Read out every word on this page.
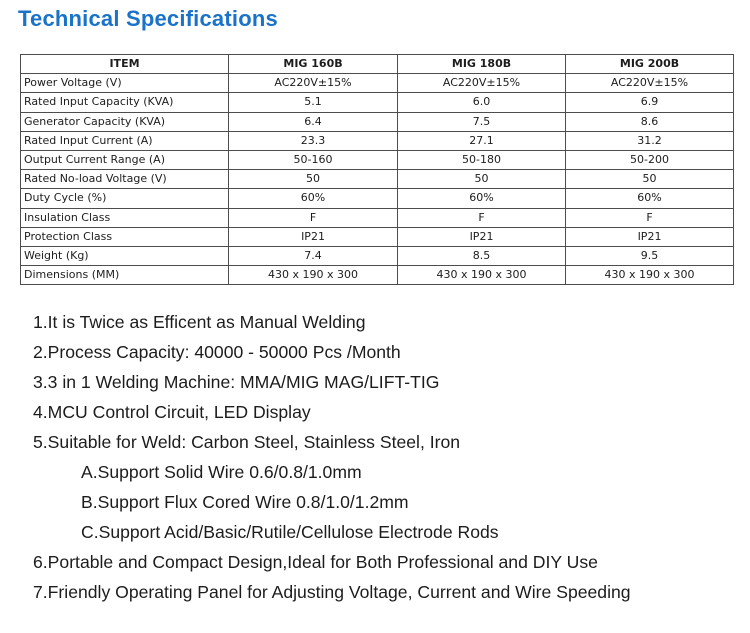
Technical Specifications
ITEM	MIG 160B	MIG 180B	MIG 200B
Power Voltage (V)	AC220V±15%	AC220V±15%	AC220V±15%
Rated Input Capacity (KVA)	5.1	6.0	6.9
Generator Capacity (KVA)	6.4	7.5	8.6
Rated Input Current (A)	23.3	27.1	31.2
Output Current Range (A)	50-160	50-180	50-200
Rated No-load Voltage (V)	50	50	50
Duty Cycle (%)	60%	60%	60%
Insulation Class	F	F	F
Protection Class	IP21	IP21	IP21
Weight (Kg)	7.4	8.5	9.5
Dimensions (MM)	430 x 190 x 300	430 x 190 x 300	430 x 190 x 300
1.It is Twice as Efficent as Manual Welding
2.Process Capacity: 40000 - 50000 Pcs /Month
3.3 in 1 Welding Machine: MMA/MIG MAG/LIFT-TIG
4.MCU Control Circuit, LED Display
5.Suitable for Weld: Carbon Steel, Stainless Steel, Iron
A.Support Solid Wire 0.6/0.8/1.0mm
B.Support Flux Cored Wire 0.8/1.0/1.2mm
C.Support Acid/Basic/Rutile/Cellulose Electrode Rods
6.Portable and Compact Design,Ideal for Both Professional and DIY Use
7.Friendly Operating Panel for Adjusting Voltage, Current and Wire Speeding
